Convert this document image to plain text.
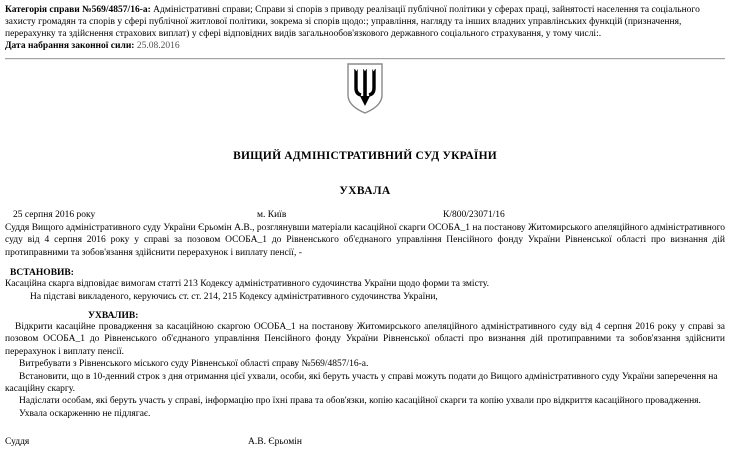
Категорія справи №569/4857/16-а: Адміністративні справи; Справи зі спорів з приводу реалізації публічної політики у сферах праці, зайнятості населення та соціального захисту громадян та спорів у сфері публічної житлової політики, зокрема зі спорів щодо:; управління, нагляду та інших владних управлінських функцій (призначення, перерахунку та здійснення страхових виплат) у сфері відповідних видів загальнообов'язкового державного соціального страхування, у тому числі:.

Дата набрання законної сили: 25.08.2016

ВИЩИЙ АДМІНІСТРАТИВНИЙ СУД УКРАЇНИ
УХВАЛА
25 серпня 2016 року	м. Київ	К/800/23071/16

Суддя Вищого адміністративного суду України Єрьомін А.В., розглянувши матеріали касаційної скарги ОСОБА_1 на постанову Житомирського апеляційного адміністративного суду від 4 серпня 2016 року у справі за позовом ОСОБА_1 до Рівненського об'єднаного управління Пенсійного фонду України Рівненської області про визнання дій протиправними та зобов'язання здійснити перерахунок і виплату пенсії, -

ВСТАНОВИВ:

Касаційна скарга відповідає вимогам статті 213 Кодексу адміністративного судочинства України щодо форми та змісту.

На підставі викладеного, керуючись ст. ст. 214, 215 Кодексу адміністративного судочинства України,

УХВАЛИВ:

Відкрити касаційне провадження за касаційною скаргою ОСОБА_1 на постанову Житомирського апеляційного адміністративного суду від 4 серпня 2016 року у справі за позовом ОСОБА_1 до Рівненського об'єднаного управління Пенсійного фонду України Рівненської області про визнання дій протиправними та зобов'язання здійснити перерахунок і виплату пенсії.

Витребувати з Рівненського міського суду Рівненської області справу №569/4857/16-а.

Встановити, що в 10-денний строк з дня отримання цієї ухвали, особи, які беруть участь у справі можуть подати до Вищого адміністративного суду України заперечення на касаційну скаргу.

Надіслати особам, які беруть участь у справі, інформацію про їхні права та обов'язки, копію касаційної скарги та копію ухвали про відкриття касаційного провадження.

Ухвала оскарженню не підлягає.

Суддя	А.В. Єрьомін
